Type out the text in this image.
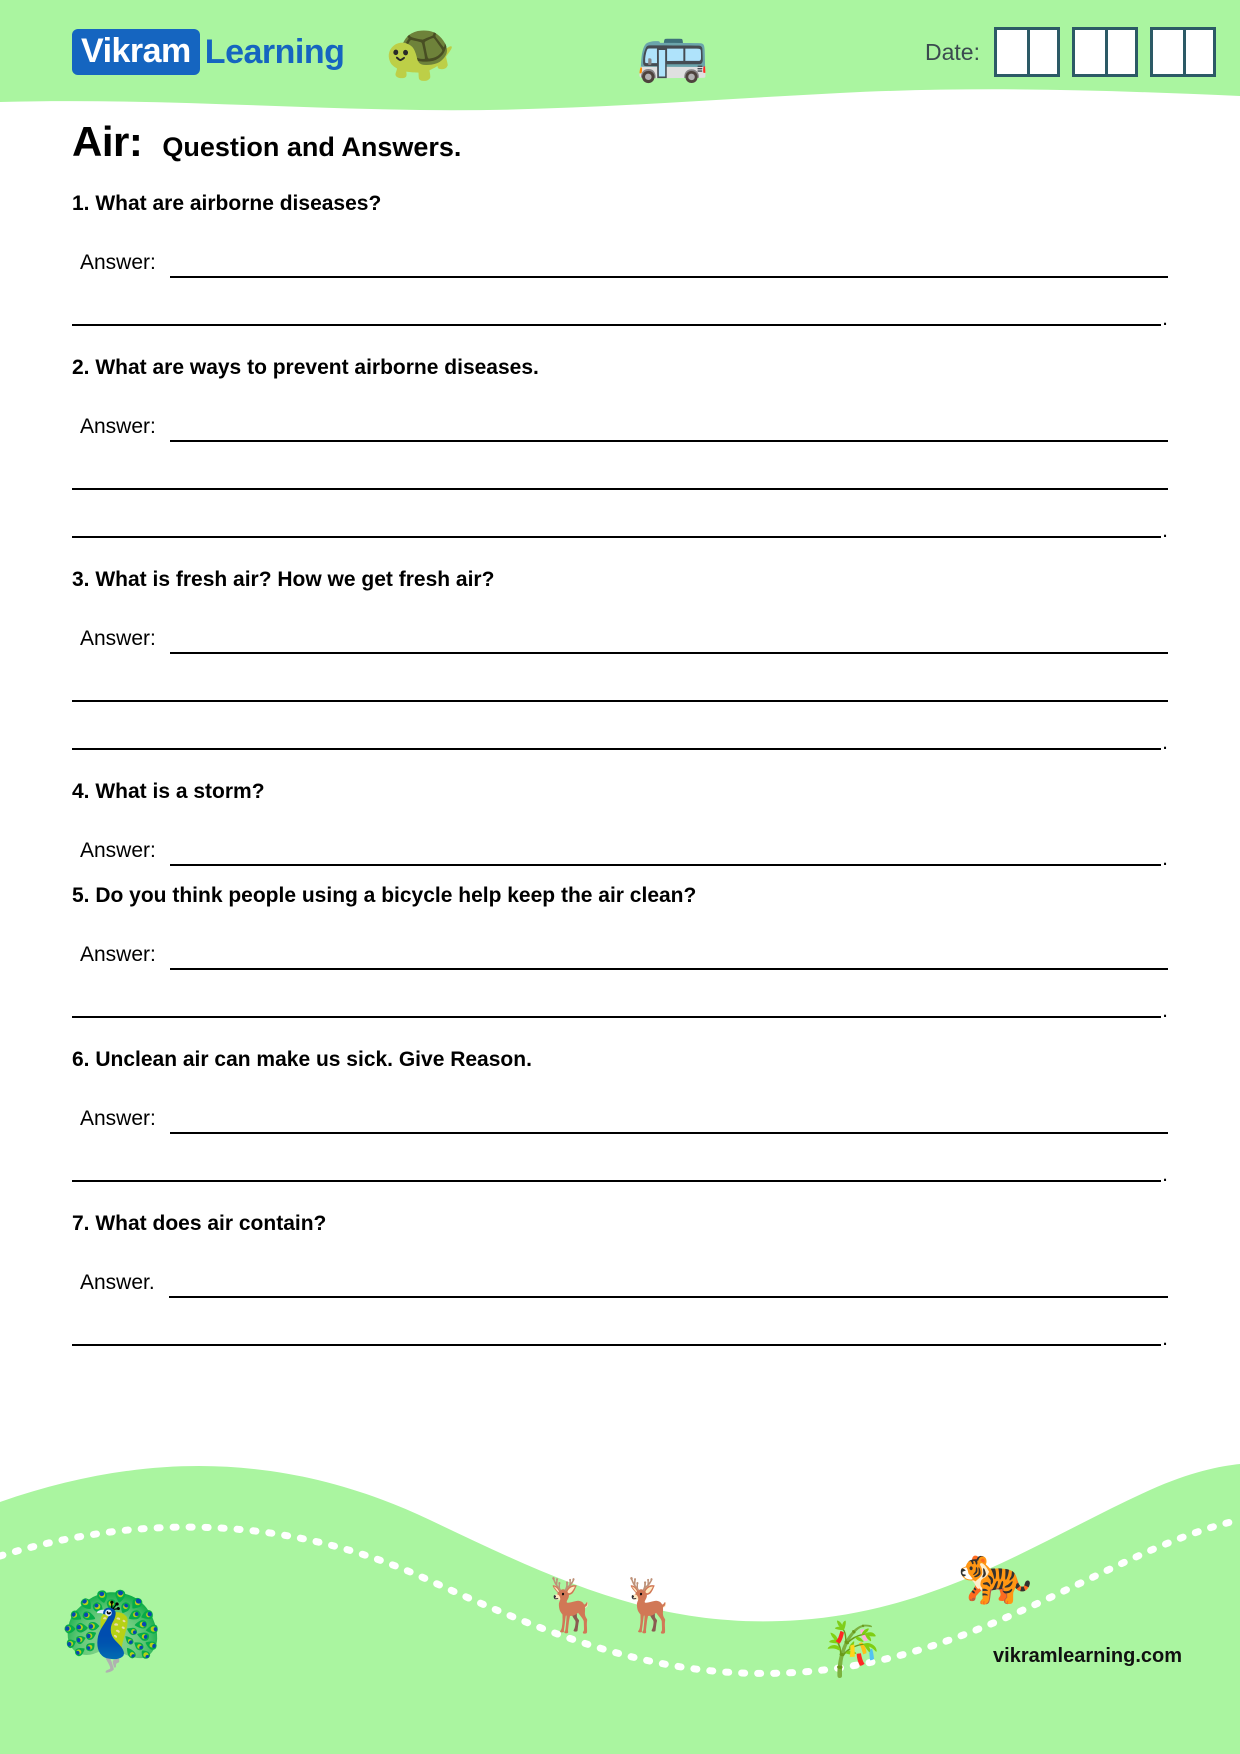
Vikram Learning 🐢	🚌	Date:
Air: Question and Answers.
1. What are airborne diseases?
Answer:
.
2. What are ways to prevent airborne diseases.
Answer:
.
3. What is fresh air? How we get fresh air?
Answer:
.
4. What is a storm?
Answer:	.
5. Do you think people using a bicycle help keep the air clean?
Answer:
.
6. Unclean air can make us sick. Give Reason.
Answer:
.
7. What does air contain?
Answer.
.
🦚	🦌 🦌
🎋
🐅
vikramlearning.com
